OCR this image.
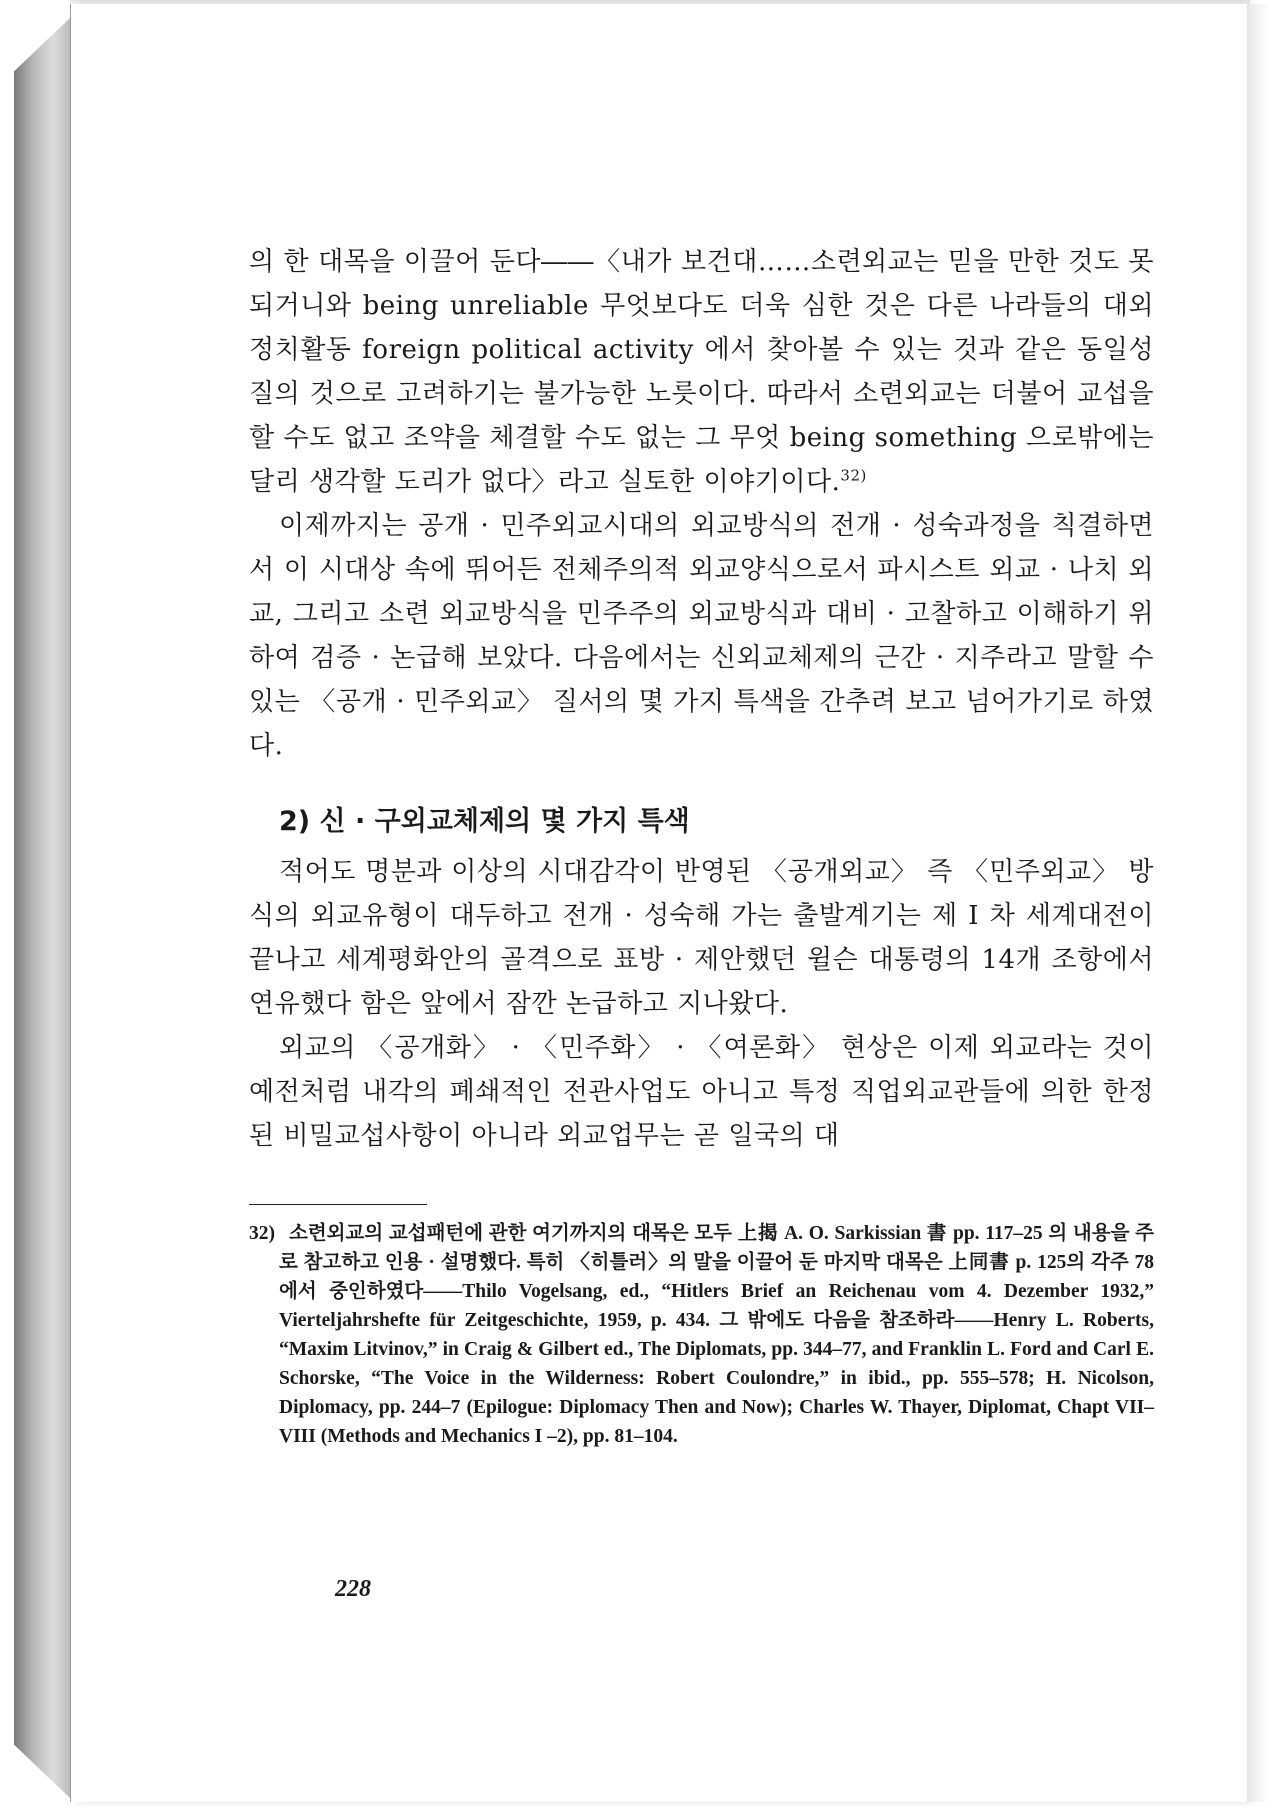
의 한 대목을 이끌어 둔다――〈내가 보건대……소련외교는 믿을 만한 것도 못 되거니와 being unreliable 무엇보다도 더욱 심한 것은 다른 나라들의 대외정치활동 foreign political activity 에서 찾아볼 수 있는 것과 같은 동일성질의 것으로 고려하기는 불가능한 노릇이다. 따라서 소련외교는 더불어 교섭을 할 수도 없고 조약을 체결할 수도 없는 그 무엇 being something 으로밖에는 달리 생각할 도리가 없다〉라고 실토한 이야기이다.$^{32)}$

이제까지는 공개 · 민주외교시대의 외교방식의 전개 · 성숙과정을 칙결하면서 이 시대상 속에 뛰어든 전체주의적 외교양식으로서 파시스트 외교 · 나치 외교, 그리고 소련 외교방식을 민주주의 외교방식과 대비 · 고찰하고 이해하기 위하여 검증 · 논급해 보았다. 다음에서는 신외교체제의 근간 · 지주라고 말할 수 있는 〈공개 · 민주외교〉 질서의 몇 가지 특색을 간추려 보고 넘어가기로 하였다.

2) 신 · 구외교체제의 몇 가지 특색

적어도 명분과 이상의 시대감각이 반영된 〈공개외교〉 즉 〈민주외교〉 방식의 외교유형이 대두하고 전개 · 성숙해 가는 출발계기는 제 I 차 세계대전이 끝나고 세계평화안의 골격으로 표방 · 제안했던 윌슨 대통령의 14개 조항에서 연유했다 함은 앞에서 잠깐 논급하고 지나왔다.

외교의 〈공개화〉 · 〈민주화〉 · 〈여론화〉 현상은 이제 외교라는 것이 예전처럼 내각의 폐쇄적인 전관사업도 아니고 특정 직업외교관들에 의한 한정된 비밀교섭사항이 아니라 외교업무는 곧 일국의 대

32) 소련외교의 교섭패턴에 관한 여기까지의 대목은 모두 上揭 A. O. Sarkissian 書 pp. 117–25 의 내용을 주로 참고하고 인용 · 설명했다. 특히 〈히틀러〉의 말을 이끌어 둔 마지막 대목은 上同書 p. 125의 각주 78 에서 중인하였다――Thilo Vogelsang, ed., “Hitlers Brief an Reichenau vom 4. Dezember 1932,” Vierteljahrshefte für Zeitgeschichte, 1959, p. 434. 그 밖에도 다음을 참조하라――Henry L. Roberts, “Maxim Litvinov,” in Craig & Gilbert ed., The Diplomats, pp. 344–77, and Franklin L. Ford and Carl E. Schorske, “The Voice in the Wilderness: Robert Coulondre,” in ibid., pp. 555–578; H. Nicolson, Diplomacy, pp. 244–7 (Epilogue: Diplomacy Then and Now); Charles W. Thayer, Diplomat, Chapt VII–VIII (Methods and Mechanics I –2), pp. 81–104.

228
